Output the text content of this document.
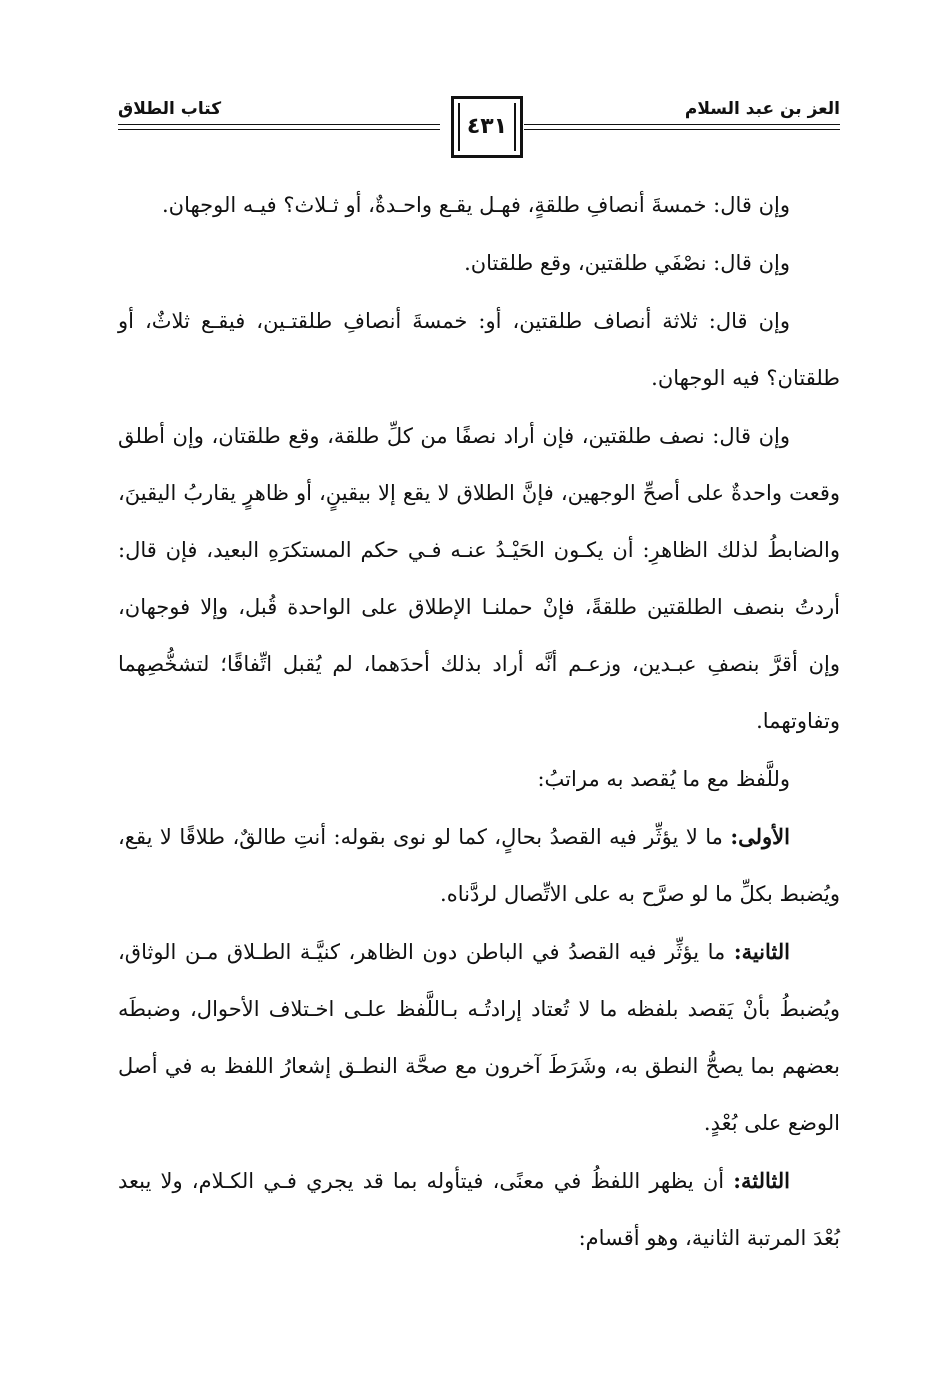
العز بن عبد السلام
كتاب الطلاق
٤٣١

وإن قال: خمسةَ أنصافِ طلقةٍ، فهـل يقـع واحـدةٌ، أو ثـلاث؟ فيـه الوجهان.

وإن قال: نصْفَي طلقتين، وقع طلقتان.

وإن قال: ثلاثة أنصاف طلقتين، أو: خمسةَ أنصافِ طلقتـين، فيقـع ثلاثٌ، أو طلقتان؟ فيه الوجهان.

وإن قال: نصف طلقتين، فإن أراد نصفًا من كلِّ طلقة، وقع طلقتان، وإن أطلق وقعت واحدةٌ على أصحِّ الوجهين، فإنَّ الطلاق لا يقع إلا بيقينٍ، أو ظاهرٍ يقاربُ اليقينَ، والضابطُ لذلك الظاهرِ: أن يكـون الحَيْـدُ عنـه فـي حكم المستكرَهِ البعيد، فإن قال: أردتُ بنصف الطلقتين طلقةً، فإنْ حملنـا الإطلاق على الواحدة قُبل، وإلا فوجهان، وإن أقرَّ بنصفِ عبـدين، وزعـم أنَّه أراد بذلك أحدَهما، لم يُقبل اتِّفاقًا؛ لتشخُّصِهما وتفاوتهما.

وللَّفظ مع ما يُقصد به مراتبُ:

الأولى: ما لا يؤثِّر فيه القصدُ بحالٍ، كما لو نوى بقوله: أنتِ طالقٌ، طلاقًا لا يقع، ويُضبط بكلِّ ما لو صرَّح به على الاتِّصال لردَّناه.

الثانية: ما يؤثِّر فيه القصدُ في الباطن دون الظاهر، كنيَّـة الطـلاق مـن الوثاق، ويُضبطُ بأنْ يَقصد بلفظه ما لا تُعتاد إرادتُـه بـاللَّفظ علـى اخـتلاف الأحوال، وضبطَه بعضهم بما يصحُّ النطق به، وشَرَطَ آخرون مع صحَّة النطـق إشعارُ اللفظ به في أصل الوضع على بُعْدٍ.

الثالثة: أن يظهر اللفظُ في معنًى، فيتأوله بما قد يجري فـي الكـلام، ولا يبعد بُعْدَ المرتبة الثانية، وهو أقسام:
